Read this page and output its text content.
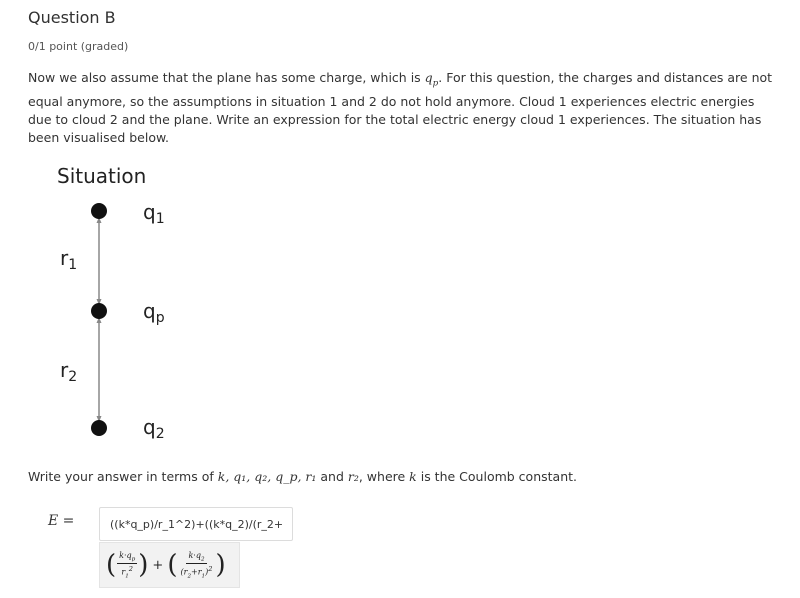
Question B
0/1 point (graded)
Now we also assume that the plane has some charge, which is $q_p$. For this question, the charges and distances are not equal anymore, so the assumptions in situation 1 and 2 do not hold anymore. Cloud 1 experiences electric energies due to cloud 2 and the plane. Write an expression for the total electric energy cloud 1 experiences. The situation has been visualised below.
Situation
$q_1$
$q_p$
$q_2$
$r_1$
$r_2$
Write your answer in terms of k, q₁, q₂, q_p, r₁ and r₂, where k is the Coulomb constant.
E =
((k*q_p)/r_1^2)+((k*q_2)/(r_2+
( $\frac{k\cdot q_p}{r_1^2}$ ) + ( $\frac{k\cdot q_2}{(r_2+r_1)^2}$ )
